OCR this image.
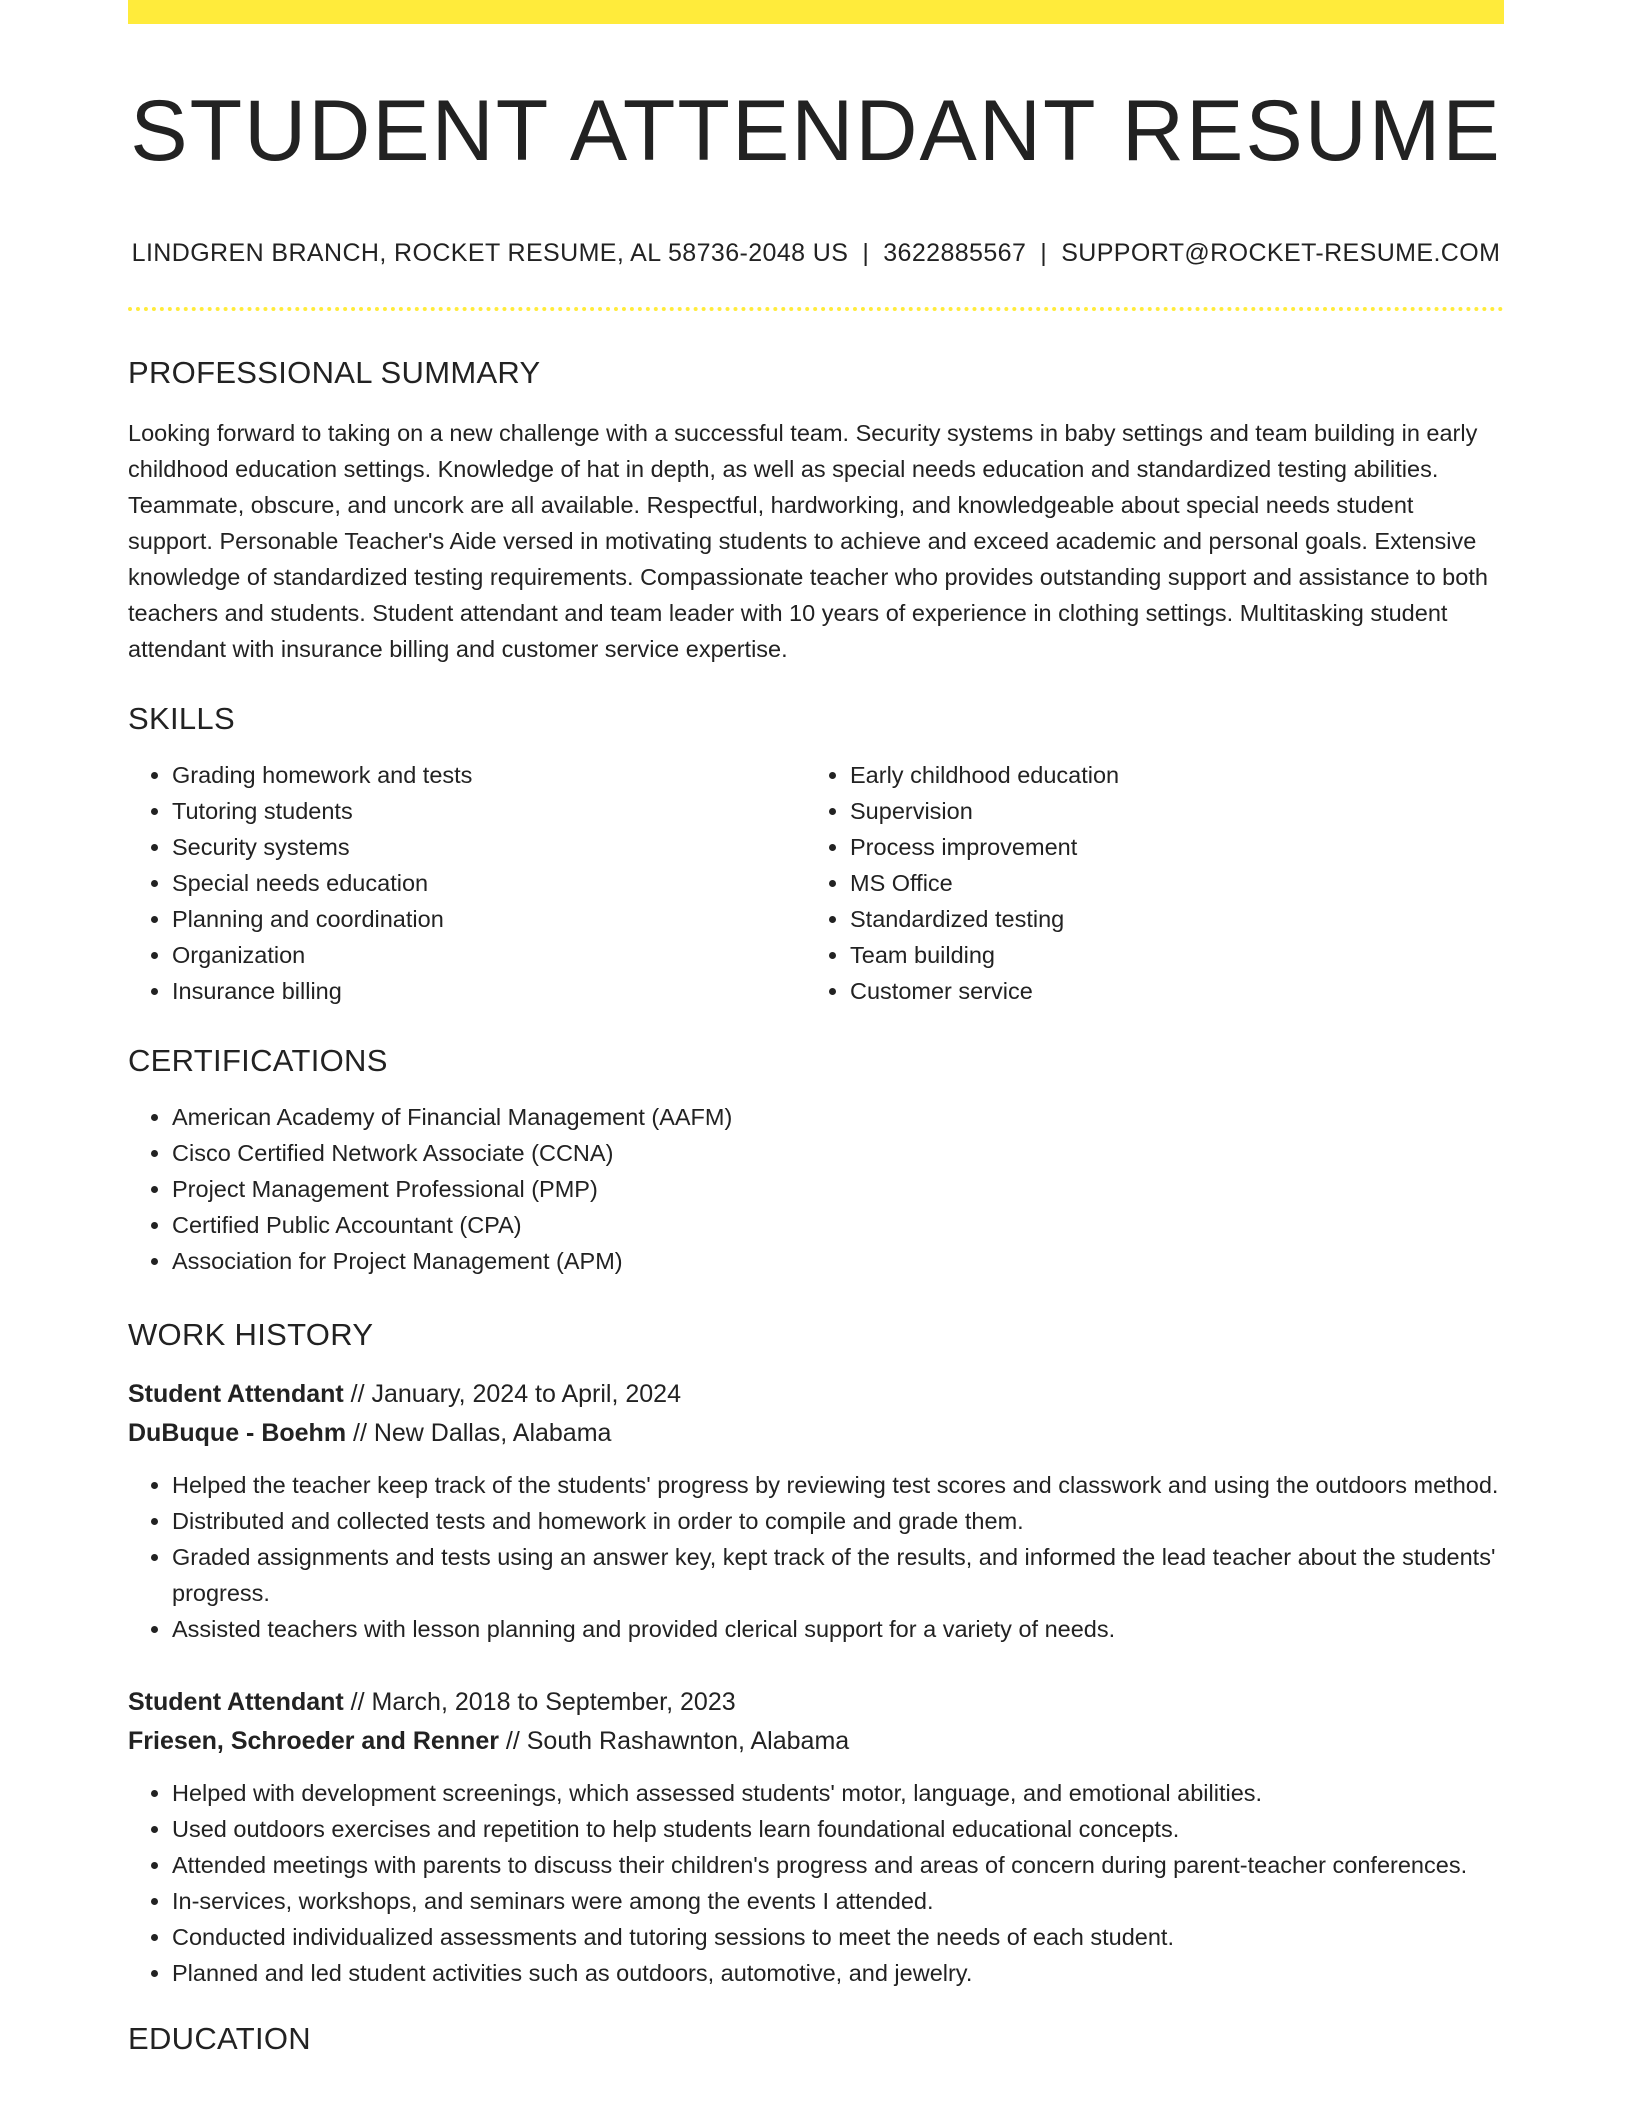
STUDENT ATTENDANT RESUME
LINDGREN BRANCH, ROCKET RESUME, AL 58736-2048 US | 3622885567 | SUPPORT@ROCKET-RESUME.COM
PROFESSIONAL SUMMARY

Looking forward to taking on a new challenge with a successful team. Security systems in baby settings and team building in early childhood education settings. Knowledge of hat in depth, as well as special needs education and standardized testing abilities. Teammate, obscure, and uncork are all available. Respectful, hardworking, and knowledgeable about special needs student support. Personable Teacher's Aide versed in motivating students to achieve and exceed academic and personal goals. Extensive knowledge of standardized testing requirements. Compassionate teacher who provides outstanding support and assistance to both teachers and students. Student attendant and team leader with 10 years of experience in clothing settings. Multitasking student attendant with insurance billing and customer service expertise.

SKILLS
• Grading homework and tests
• Tutoring students
• Security systems
• Special needs education
• Planning and coordination
• Organization
• Insurance billing
• Early childhood education
• Supervision
• Process improvement
• MS Office
• Standardized testing
• Team building
• Customer service
CERTIFICATIONS
• American Academy of Financial Management (AAFM)
• Cisco Certified Network Associate (CCNA)
• Project Management Professional (PMP)
• Certified Public Accountant (CPA)
• Association for Project Management (APM)
WORK HISTORY
Student Attendant // January, 2024 to April, 2024
DuBuque - Boehm // New Dallas, Alabama
• Helped the teacher keep track of the students' progress by reviewing test scores and classwork and using the outdoors method.
• Distributed and collected tests and homework in order to compile and grade them.
• Graded assignments and tests using an answer key, kept track of the results, and informed the lead teacher about the students' progress.
• Assisted teachers with lesson planning and provided clerical support for a variety of needs.
Student Attendant // March, 2018 to September, 2023
Friesen, Schroeder and Renner // South Rashawnton, Alabama
• Helped with development screenings, which assessed students' motor, language, and emotional abilities.
• Used outdoors exercises and repetition to help students learn foundational educational concepts.
• Attended meetings with parents to discuss their children's progress and areas of concern during parent-teacher conferences.
• In-services, workshops, and seminars were among the events I attended.
• Conducted individualized assessments and tutoring sessions to meet the needs of each student.
• Planned and led student activities such as outdoors, automotive, and jewelry.
EDUCATION
